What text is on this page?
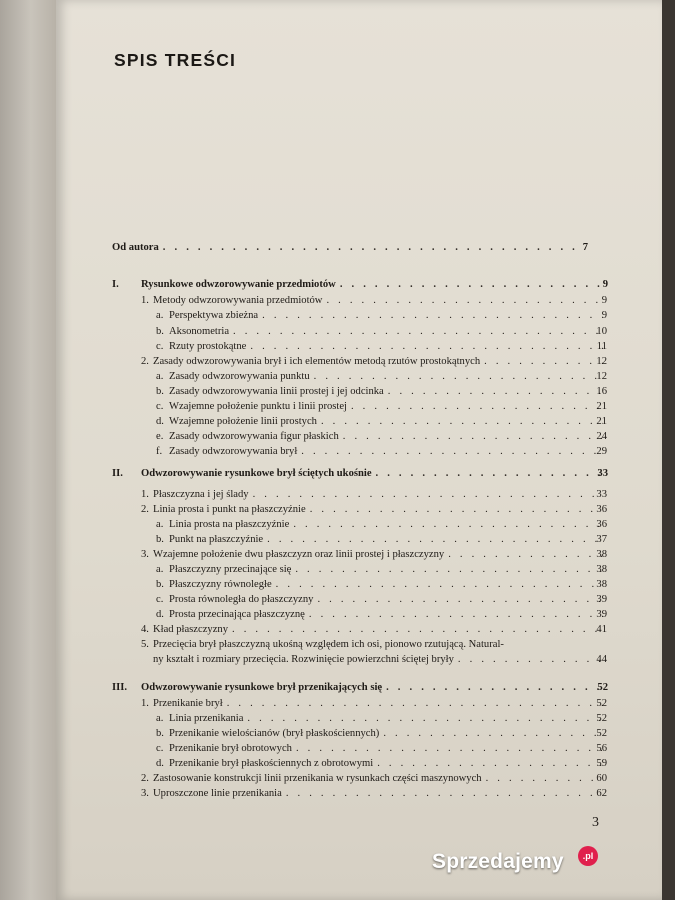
SPIS TREŚCI
Od autora . . .	7
I.	Rysunkowe odwzorowywanie przedmiotów . . .	9
1. Metody odwzorowywania przedmiotów . . .	9
a. Perspektywa zbieżna . . .	9
b. Aksonometria . . .	10
c. Rzuty prostokątne . . .	11
2. Zasady odwzorowywania brył i ich elementów metodą rzutów prostokątnych . . .	12
a. Zasady odwzorowywania punktu . . .	12
b. Zasady odwzorowywania linii prostej i jej odcinka . . .	16
c. Wzajemne położenie punktu i linii prostej . . .	21
d. Wzajemne położenie linii prostych . . .	21
e. Zasady odwzorowywania figur płaskich . . .	24
f. Zasady odwzorowywania brył . . .	29
II.	Odwzorowywanie rysunkowe brył ściętych ukośnie . . .	33
1. Płaszczyzna i jej ślady . . .	33
2. Linia prosta i punkt na płaszczyźnie . . .	36
a. Linia prosta na płaszczyźnie . . .	36
b. Punkt na płaszczyźnie . . .	37
3. Wzajemne położenie dwu płaszczyzn oraz linii prostej i płaszczyzny . . .	38
a. Płaszczyzny przecinające się . . .	38
b. Płaszczyzny równoległe . . .	38
c. Prosta równoległa do płaszczyzny . . .	39
d. Prosta przecinająca płaszczyznę . . .	39
4. Kład płaszczyzny . . .	41
5. Przecięcia brył płaszczyzną ukośną względem ich osi, pionowo rzutującą. Natural-
ny kształt i rozmiary przecięcia. Rozwinięcie powierzchni ściętej bryły . . .	44
III.	Odwzorowywanie rysunkowe brył przenikających się . . .	52
1. Przenikanie brył . . .	52
a. Linia przenikania . . .	52
b. Przenikanie wielościanów (brył płaskościennych) . . .	52
c. Przenikanie brył obrotowych . . .	56
d. Przenikanie brył płaskościennych z obrotowymi . . .	59
2. Zastosowanie konstrukcji linii przenikania w rysunkach części maszynowych . . .	60
3. Uproszczone linie przenikania . . .	62
3
Sprzedajemy	.pl
